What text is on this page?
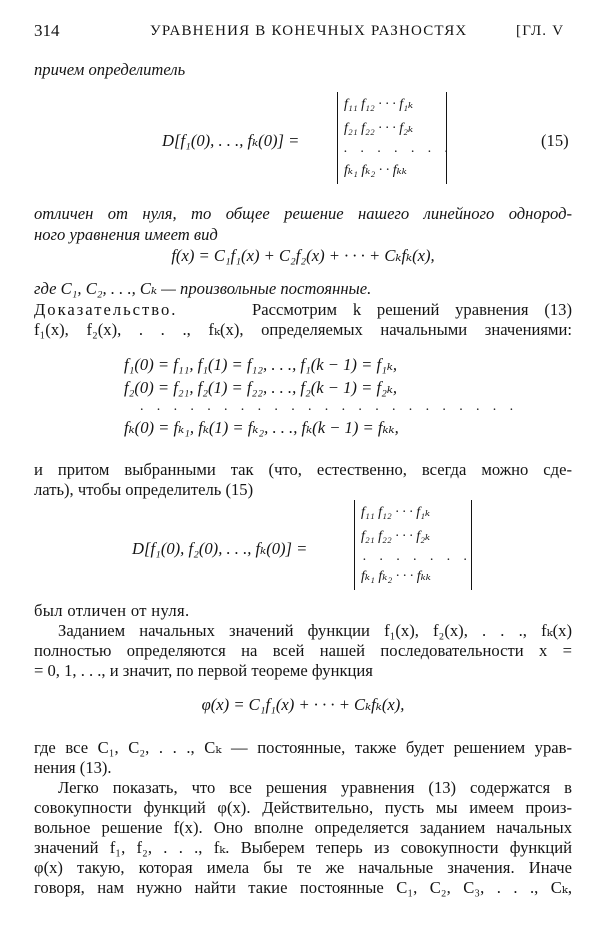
314	УРАВНЕНИЯ В КОНЕЧНЫХ РАЗНОСТЯХ	[ГЛ. V
причем определитель
D[f₁(0), . . ., fₖ(0)] =
f₁₁ f₁₂ · · · f₁ₖ
f₂₁ f₂₂ · · · f₂ₖ
. . . . . . .
fₖ₁ fₖ₂ · · fₖₖ
(15)
отличен от нуля, то общее решение нашего линейного однород-
ного уравнения имеет вид
f(x) = C₁f₁(x) + C₂f₂(x) + · · · + Cₖfₖ(x),
где C₁, C₂, . . ., Cₖ — произвольные постоянные.
Доказательство.	Рассмотрим k решений уравнения (13)
f₁(x), f₂(x), . . ., fₖ(x), определяемых начальными значениями:
f₁(0) = f₁₁, f₁(1) = f₁₂, . . ., f₁(k − 1) = f₁ₖ,
f₂(0) = f₂₁, f₂(1) = f₂₂, . . ., f₂(k − 1) = f₂ₖ,
. . . . . . . . . . . . . . . . . . . . . . .
fₖ(0) = fₖ₁, fₖ(1) = fₖ₂, . . ., fₖ(k − 1) = fₖₖ,
и притом выбранными так (что, естественно, всегда можно сде-
лать), чтобы определитель (15)
D[f₁(0), f₂(0), . . ., fₖ(0)] =
f₁₁ f₁₂ · · · f₁ₖ
f₂₁ f₂₂ · · · f₂ₖ
. . . . . . .
fₖ₁ fₖ₂ · · · fₖₖ
был отличен от нуля.
Заданием начальных значений функции f₁(x), f₂(x), . . ., fₖ(x)
полностью определяются на всей нашей последовательности x =
= 0, 1, . . ., и значит, по первой теореме функция
φ(x) = C₁f₁(x) + · · · + Cₖfₖ(x),
где все C₁, C₂, . . ., Cₖ — постоянные, также будет решением урав-
нения (13).
Легко показать, что все решения уравнения (13) содержатся в
совокупности функций φ(x). Действительно, пусть мы имеем произ-
вольное решение f(x). Оно вполне определяется заданием начальных
значений f₁, f₂, . . ., fₖ. Выберем теперь из совокупности функций
φ(x) такую, которая имела бы те же начальные значения. Иначе
говоря, нам нужно найти такие постоянные C₁, C₂, C₃, . . ., Cₖ,
